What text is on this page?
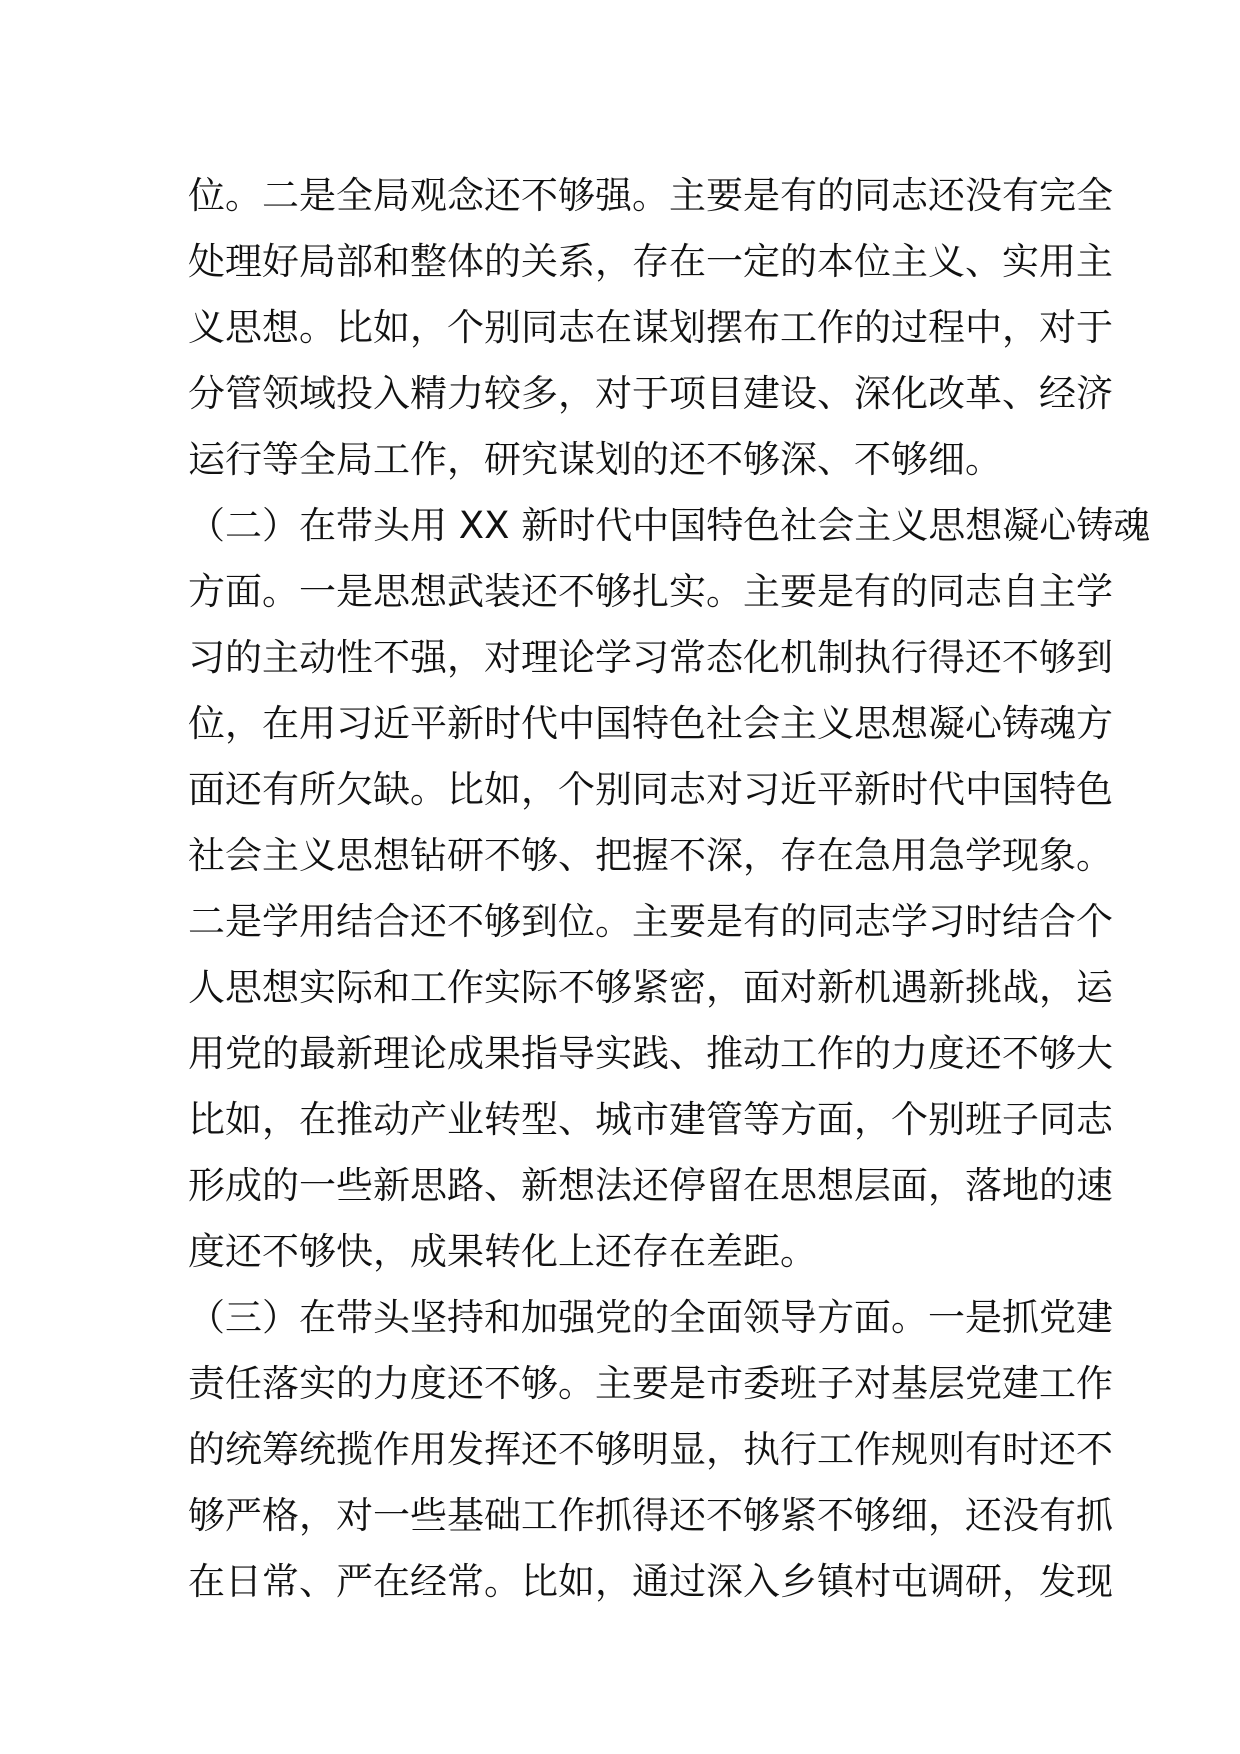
位。二是全局观念还不够强。主要是有的同志还没有完全
处理好局部和整体的关系，存在一定的本位主义、实用主
义思想。比如，个别同志在谋划摆布工作的过程中，对于
分管领域投入精力较多，对于项目建设、深化改革、经济
运行等全局工作，研究谋划的还不够深、不够细。
（二）在带头用 XX 新时代中国特色社会主义思想凝心铸魂
方面。一是思想武装还不够扎实。主要是有的同志自主学
习的主动性不强，对理论学习常态化机制执行得还不够到
位，在用习近平新时代中国特色社会主义思想凝心铸魂方
面还有所欠缺。比如，个别同志对习近平新时代中国特色
社会主义思想钻研不够、把握不深，存在急用急学现象。
二是学用结合还不够到位。主要是有的同志学习时结合个
人思想实际和工作实际不够紧密，面对新机遇新挑战，运
用党的最新理论成果指导实践、推动工作的力度还不够大
比如，在推动产业转型、城市建管等方面，个别班子同志
形成的一些新思路、新想法还停留在思想层面，落地的速
度还不够快，成果转化上还存在差距。
（三）在带头坚持和加强党的全面领导方面。一是抓党建
责任落实的力度还不够。主要是市委班子对基层党建工作
的统筹统揽作用发挥还不够明显，执行工作规则有时还不
够严格，对一些基础工作抓得还不够紧不够细，还没有抓
在日常、严在经常。比如，通过深入乡镇村屯调研，发现
